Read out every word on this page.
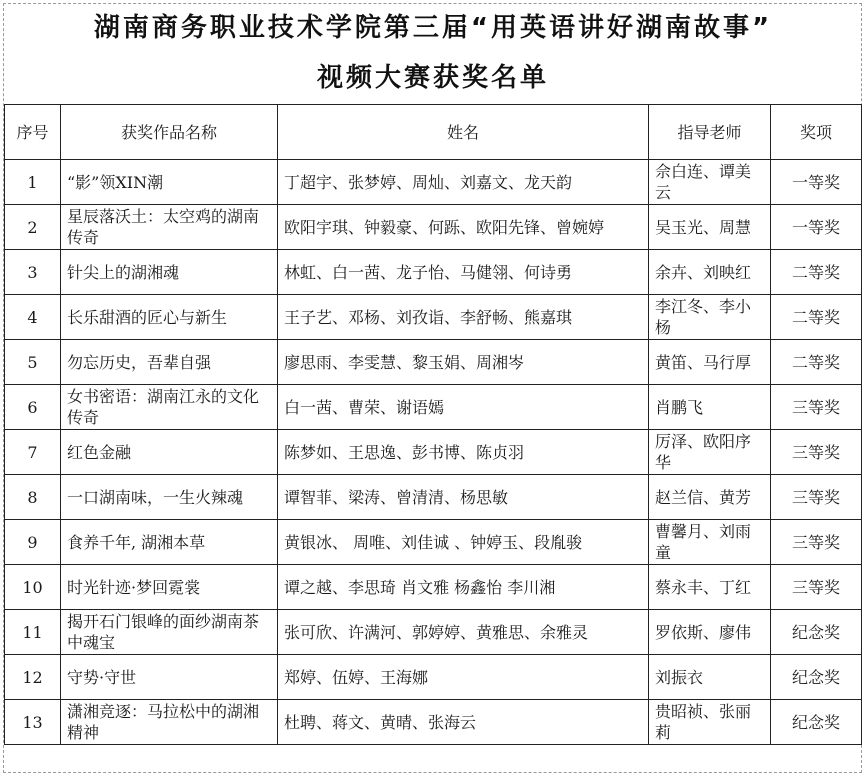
湖南商务职业技术学院第三届“用英语讲好湖南故事”
视频大赛获奖名单
序号	获奖作品名称	姓名	指导老师	奖项
1	“影”领XIN潮	丁超宇、张梦婷、周灿、刘嘉文、龙天韵	佘白连、谭美云	一等奖
2	星辰落沃土：太空鸡的湖南传奇	欧阳宇琪、钟毅豪、何跞、欧阳先锋、曾婉婷	吴玉光、周慧	一等奖
3	针尖上的湖湘魂	林虹、白一茜、龙子怡、马健翎、何诗勇	余卉、刘映红	二等奖
4	长乐甜酒的匠心与新生	王子艺、邓杨、刘孜诣、李舒畅、熊嘉琪	李江冬、李小杨	二等奖
5	勿忘历史，吾辈自强	廖思雨、李雯慧、黎玉娟、周湘岑	黄笛、马行厚	二等奖
6	女书密语：湖南江永的文化传奇	白一茜、曹荣、谢语嫣	肖鹏飞	三等奖
7	红色金融	陈梦如、王思逸、彭书博、陈贞羽	厉泽、欧阳序华	三等奖
8	一口湖南味，一生火辣魂	谭智菲、梁涛、曾清清、杨思敏	赵兰信、黄芳	三等奖
9	食养千年, 湖湘本草	黄银冰、 周唯、刘佳诚 、钟婷玉、段胤骏	曹馨月、刘雨童	三等奖
10	时光针迹·梦回霓裳	谭之越、李思琦 肖文雅 杨鑫怡 李川湘	蔡永丰、丁红	三等奖
11	揭开石门银峰的面纱湖南茶中魂宝	张可欣、许满河、郭婷婷、黄雅思、余雅灵	罗依斯、廖伟	纪念奖
12	守势·守世	郑婷、伍婷、王海娜	刘振衣	纪念奖
13	潇湘竞逐：马拉松中的湖湘精神	杜聘、蒋文、黄晴、张海云	贵昭祯、张丽莉	纪念奖
